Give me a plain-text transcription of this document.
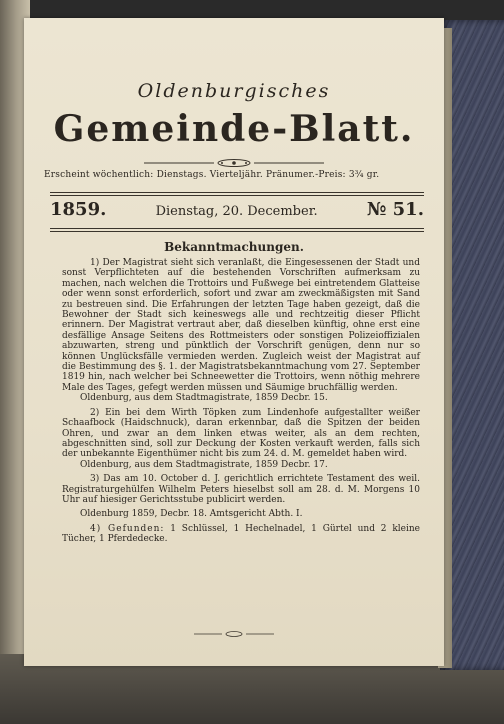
Oldenburgisches
Gemeinde-Blatt.
Erscheint wöchentlich: Dienstags. Vierteljähr. Pränumer.-Preis: 3¾ gr.
1859.	Dienstag, 20. December.	№ 51.
Bekanntmachungen.

1) Der Magistrat sieht sich veranlaßt, die Eingesessenen der Stadt und sonst Verpflichteten auf die bestehenden Vorschriften aufmerksam zu machen, nach welchen die Trottoirs und Fußwege bei eintretendem Glatteise oder wenn sonst erforderlich, sofort und zwar am zweckmäßigsten mit Sand zu bestreuen sind. Die Erfahrungen der letzten Tage haben gezeigt, daß die Bewohner der Stadt sich keineswegs alle und rechtzeitig dieser Pflicht erinnern. Der Magistrat vertraut aber, daß dieselben künftig, ohne erst eine desfällige Ansage Seitens des Rottmeisters oder sonstigen Polizeioffizialen abzuwarten, streng und pünktlich der Vorschrift genügen, denn nur so können Unglücksfälle vermieden werden. Zugleich weist der Magistrat auf die Bestimmung des §. 1. der Magistratsbekanntmachung vom 27. September 1819 hin, nach welcher bei Schneewetter die Trottoirs, wenn nöthig mehrere Male des Tages, gefegt werden müssen und Säumige bruchfällig werden.

Oldenburg, aus dem Stadtmagistrate, 1859 Decbr. 15.

2) Ein bei dem Wirth Töpken zum Lindenhofe aufgestallter weißer Schaafbock (Haidschnuck), daran erkennbar, daß die Spitzen der beiden Ohren, und zwar an dem linken etwas weiter, als an dem rechten, abgeschnitten sind, soll zur Deckung der Kosten verkauft werden, falls sich der unbekannte Eigenthümer nicht bis zum 24. d. M. gemeldet haben wird.

Oldenburg, aus dem Stadtmagistrate, 1859 Decbr. 17.

3) Das am 10. October d. J. gerichtlich errichtete Testament des weil. Registraturgehülfen Wilhelm Peters hieselbst soll am 28. d. M. Morgens 10 Uhr auf hiesiger Gerichtsstube publicirt werden.

Oldenburg 1859, Decbr. 18. Amtsgericht Abth. I.

4) Gefunden: 1 Schlüssel, 1 Hechelnadel, 1 Gürtel und 2 kleine Tücher, 1 Pferdedecke.
